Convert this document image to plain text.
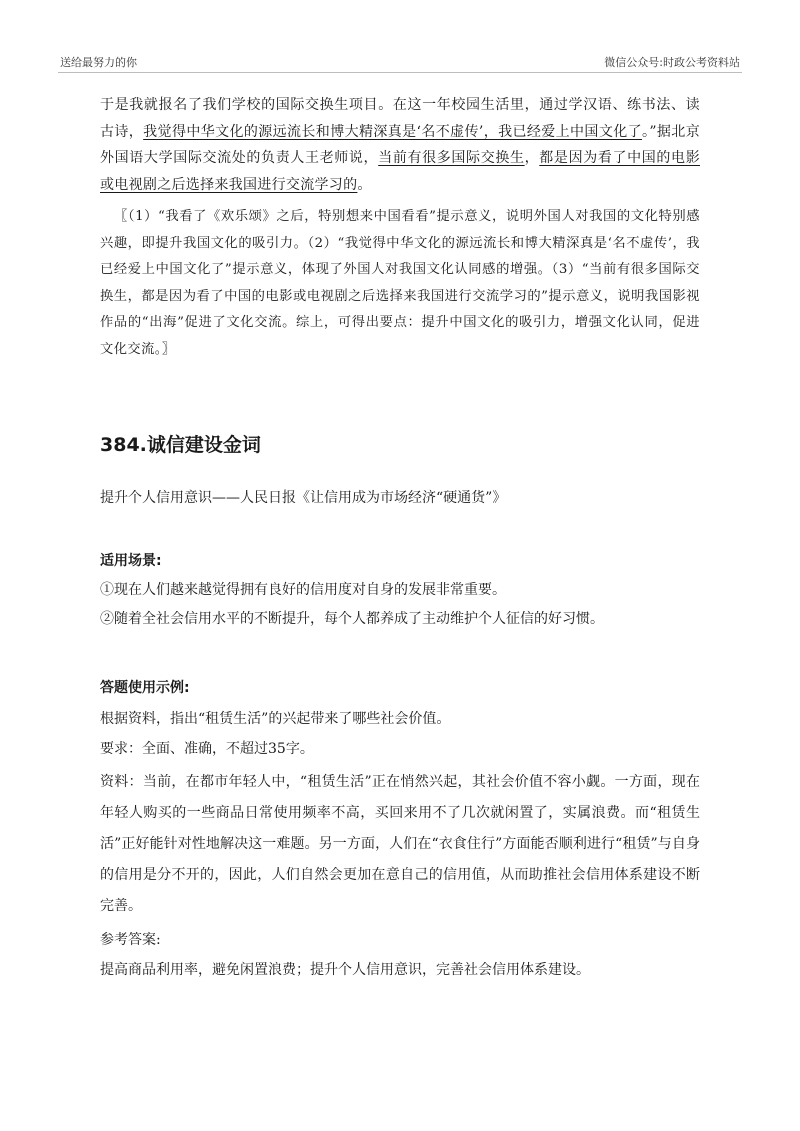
送给最努力的你	微信公众号:时政公考资料站

于是我就报名了我们学校的国际交换生项目。在这一年校园生活里，通过学汉语、练书法、读古诗，我觉得中华文化的源远流长和博大精深真是‘名不虚传’，我已经爱上中国文化了。”据北京外国语大学国际交流处的负责人王老师说，当前有很多国际交换生，都是因为看了中国的电影或电视剧之后选择来我国进行交流学习的。

〖（1）“我看了《欢乐颂》之后，特别想来中国看看”提示意义，说明外国人对我国的文化特别感兴趣，即提升我国文化的吸引力。（2）“我觉得中华文化的源远流长和博大精深真是‘名不虚传’，我已经爱上中国文化了”提示意义，体现了外国人对我国文化认同感的增强。（3）“当前有很多国际交换生，都是因为看了中国的电影或电视剧之后选择来我国进行交流学习的”提示意义，说明我国影视作品的“出海”促进了文化交流。综上，可得出要点：提升中国文化的吸引力，增强文化认同，促进文化交流。〗

384.诚信建设金词

提升个人信用意识——人民日报《让信用成为市场经济“硬通货”》

适用场景:

①现在人们越来越觉得拥有良好的信用度对自身的发展非常重要。

②随着全社会信用水平的不断提升，每个人都养成了主动维护个人征信的好习惯。

答题使用示例:

根据资料，指出“租赁生活”的兴起带来了哪些社会价值。

要求：全面、准确，不超过35字。

资料：当前，在都市年轻人中，“租赁生活”正在悄然兴起，其社会价值不容小觑。一方面，现在年轻人购买的一些商品日常使用频率不高，买回来用不了几次就闲置了，实属浪费。而“租赁生活”正好能针对性地解决这一难题。另一方面，人们在“衣食住行”方面能否顺利进行“租赁”与自身的信用是分不开的，因此，人们自然会更加在意自己的信用值，从而助推社会信用体系建设不断完善。

参考答案:

提高商品利用率，避免闲置浪费；提升个人信用意识，完善社会信用体系建设。
